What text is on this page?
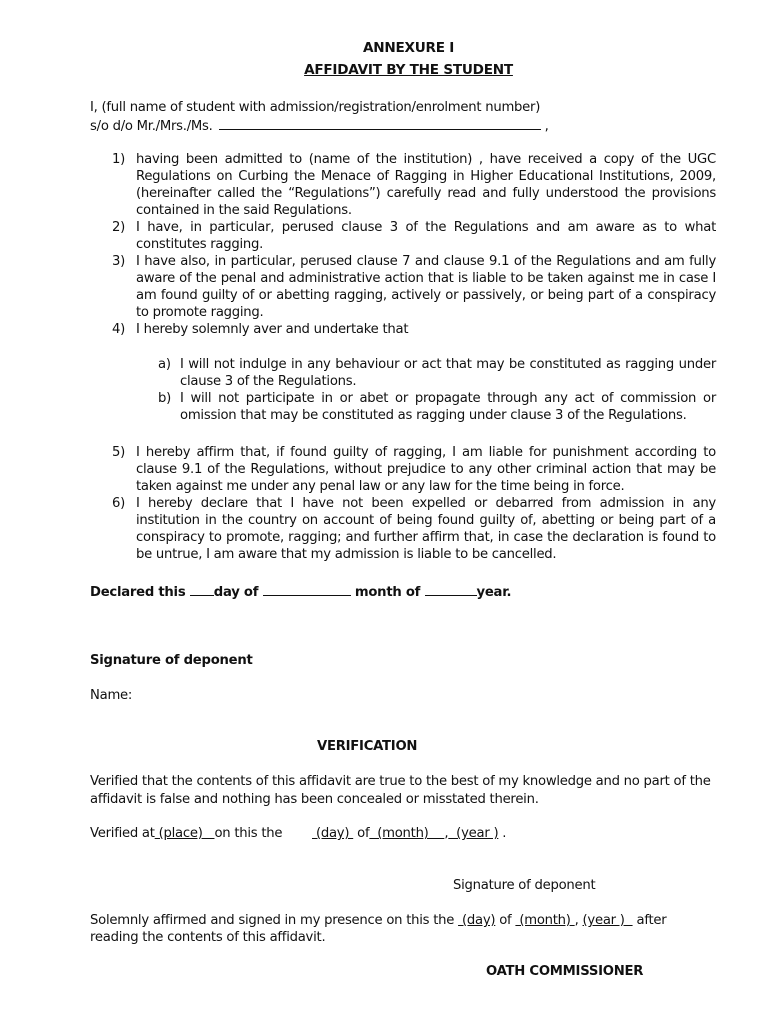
ANNEXURE I
AFFIDAVIT BY THE STUDENT
I, (full name of student with admission/registration/enrolment number)
s/o d/o Mr./Mrs./Ms.	,
1) having been admitted to (name of the institution) , have received a copy of the UGC Regulations on Curbing the Menace of Ragging in Higher Educational Institutions, 2009, (hereinafter called the “Regulations”) carefully read and fully understood the provisions contained in the said Regulations.
2) I have, in particular, perused clause 3 of the Regulations and am aware as to what constitutes ragging.
3) I have also, in particular, perused clause 7 and clause 9.1 of the Regulations and am fully aware of the penal and administrative action that is liable to be taken against me in case I am found guilty of or abetting ragging, actively or passively, or being part of a conspiracy to promote ragging.
4) I hereby solemnly aver and undertake that
a) I will not indulge in any behaviour or act that may be constituted as ragging under clause 3 of the Regulations.
b) I will not participate in or abet or propagate through any act of commission or omission that may be constituted as ragging under clause 3 of the Regulations.
5) I hereby affirm that, if found guilty of ragging, I am liable for punishment according to clause 9.1 of the Regulations, without prejudice to any other criminal action that may be taken against me under any penal law or any law for the time being in force.
6) I hereby declare that I have not been expelled or debarred from admission in any institution in the country on account of being found guilty of, abetting or being part of a conspiracy to promote, ragging; and further affirm that, in case the declaration is found to be untrue, I am aware that my admission is liable to be cancelled.
Declared this day of	month of	year.
Signature of deponent
Name:
VERIFICATION
Verified that the contents of this affidavit are true to the best of my knowledge and no part of the
affidavit is false and nothing has been concealed or misstated therein.
Verified at (place)   on this the (day)  of  (month)    ,  (year ) .
Signature of deponent
Solemnly affirmed and signed in my presence on this the  (day) of  (month) , (year )   after
reading the contents of this affidavit.
OATH COMMISSIONER
